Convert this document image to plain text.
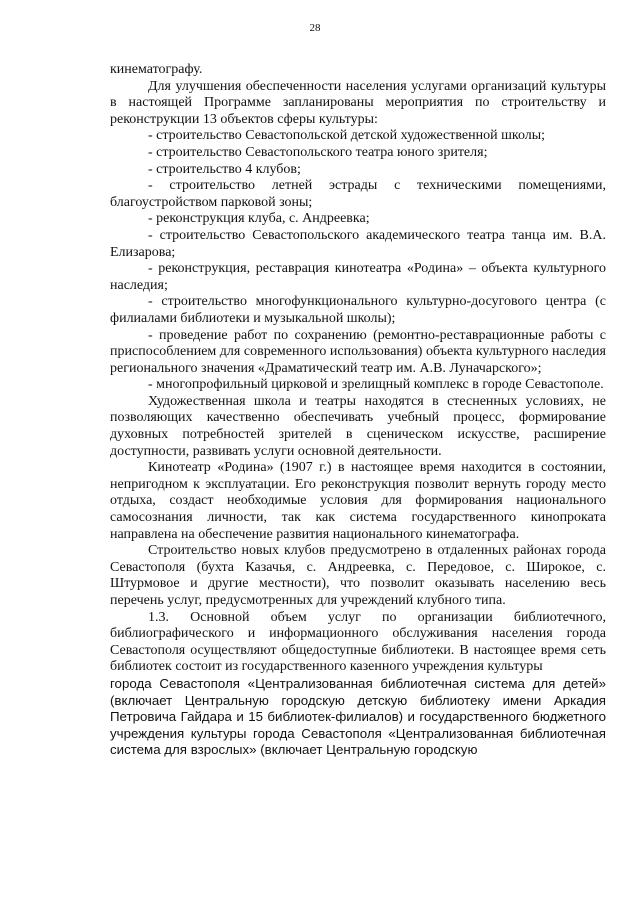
28

кинематографу.

Для улучшения обеспеченности населения услугами организаций культуры в настоящей Программе запланированы мероприятия по строительству и реконструкции 13 объектов сферы культуры:

- строительство Севастопольской детской художественной школы;

- строительство Севастопольского театра юного зрителя;

- строительство 4 клубов;

- строительство летней эстрады с техническими помещениями, благоустройством парковой зоны;

- реконструкция клуба, с. Андреевка;

- строительство Севастопольского академического театра танца им. В.А. Елизарова;

- реконструкция, реставрация кинотеатра «Родина» – объекта культурного наследия;

- строительство многофункционального культурно-досугового центра (с филиалами библиотеки и музыкальной школы);

- проведение работ по сохранению (ремонтно-реставрационные работы с приспособлением для современного использования) объекта культурного наследия регионального значения «Драматический театр им. А.В. Луначарского»;

- многопрофильный цирковой и зрелищный комплекс в городе Севастополе.

Художественная школа и театры находятся в стесненных условиях, не позволяющих качественно обеспечивать учебный процесс, формирование духовных потребностей зрителей в сценическом искусстве, расширение доступности, развивать услуги основной деятельности.

Кинотеатр «Родина» (1907 г.) в настоящее время находится в состоянии, непригодном к эксплуатации. Его реконструкция позволит вернуть городу место отдыха, создаст необходимые условия для формирования национального самосознания личности, так как система государственного кинопроката направлена на обеспечение развития национального кинематографа.

Строительство новых клубов предусмотрено в отдаленных районах города Севастополя (бухта Казачья, с. Андреевка, с. Передовое, с. Широкое, с. Штурмовое и другие местности), что позволит оказывать населению весь перечень услуг, предусмотренных для учреждений клубного типа.

1.3. Основной объем услуг по организации библиотечного, библиографического и информационного обслуживания населения города Севастополя осуществляют общедоступные библиотеки. В настоящее время сеть библиотек состоит из государственного казенного учреждения культуры

города Севастополя «Централизованная библиотечная система для детей» (включает Центральную городскую детскую библиотеку имени Аркадия Петровича Гайдара и 15 библиотек-филиалов) и государственного бюджетного учреждения культуры города Севастополя «Централизованная библиотечная система для взрослых» (включает Центральную городскую
